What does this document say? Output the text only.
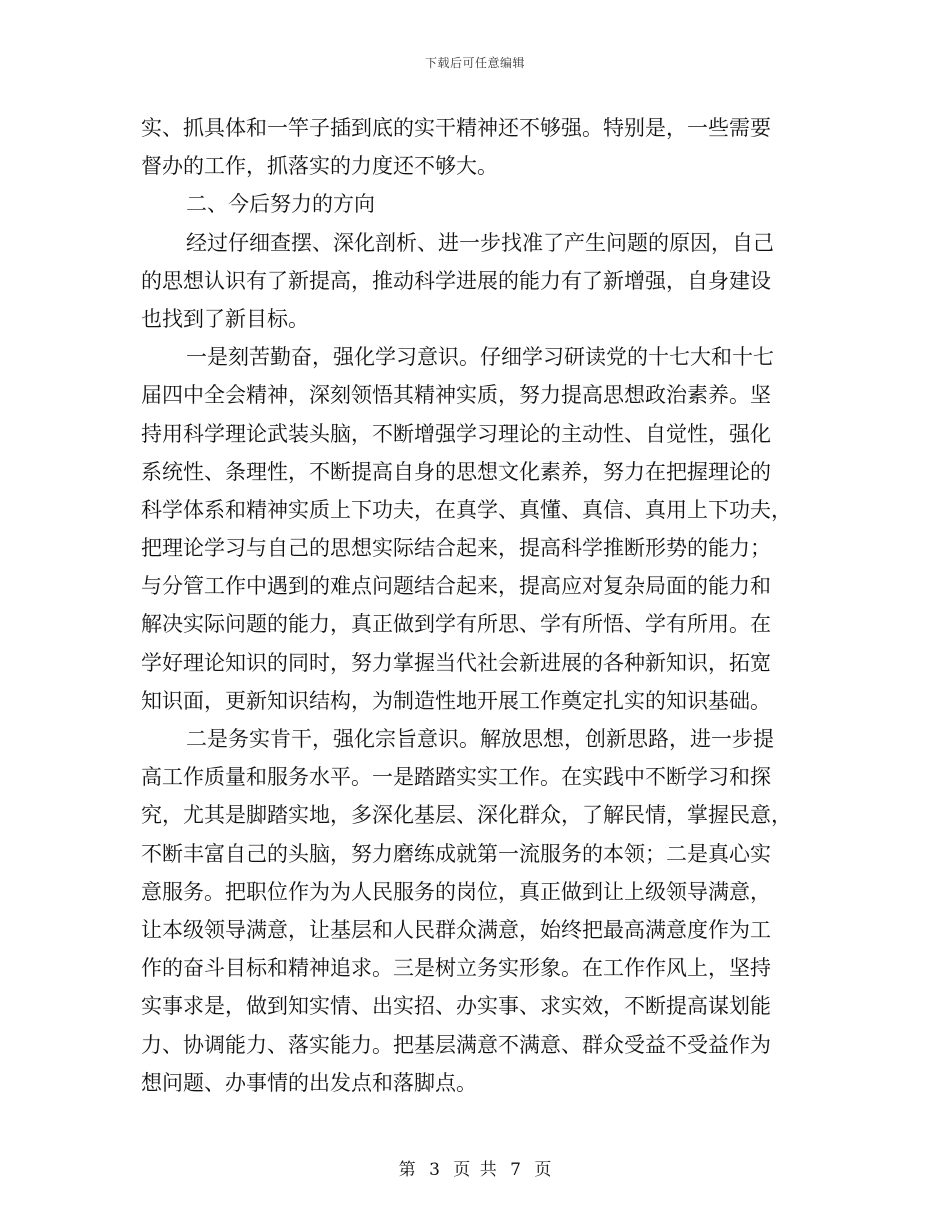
下载后可任意编辑
实、抓具体和一竿子插到底的实干精神还不够强。特别是，一些需要
督办的工作，抓落实的力度还不够大。
二、今后努力的方向
经过仔细查摆、深化剖析、进一步找准了产生问题的原因，自己
的思想认识有了新提高，推动科学进展的能力有了新增强，自身建设
也找到了新目标。
一是刻苦勤奋，强化学习意识。仔细学习研读党的十七大和十七
届四中全会精神，深刻领悟其精神实质，努力提高思想政治素养。坚
持用科学理论武装头脑，不断增强学习理论的主动性、自觉性，强化
系统性、条理性，不断提高自身的思想文化素养，努力在把握理论的
科学体系和精神实质上下功夫，在真学、真懂、真信、真用上下功夫，
把理论学习与自己的思想实际结合起来，提高科学推断形势的能力；
与分管工作中遇到的难点问题结合起来，提高应对复杂局面的能力和
解决实际问题的能力，真正做到学有所思、学有所悟、学有所用。在
学好理论知识的同时，努力掌握当代社会新进展的各种新知识，拓宽
知识面，更新知识结构，为制造性地开展工作奠定扎实的知识基础。
二是务实肯干，强化宗旨意识。解放思想，创新思路，进一步提
高工作质量和服务水平。一是踏踏实实工作。在实践中不断学习和探
究，尤其是脚踏实地，多深化基层、深化群众，了解民情，掌握民意，
不断丰富自己的头脑，努力磨练成就第一流服务的本领；二是真心实
意服务。把职位作为为人民服务的岗位，真正做到让上级领导满意，
让本级领导满意，让基层和人民群众满意，始终把最高满意度作为工
作的奋斗目标和精神追求。三是树立务实形象。在工作作风上，坚持
实事求是，做到知实情、出实招、办实事、求实效，不断提高谋划能
力、协调能力、落实能力。把基层满意不满意、群众受益不受益作为
想问题、办事情的出发点和落脚点。
第 3 页 共 7 页
